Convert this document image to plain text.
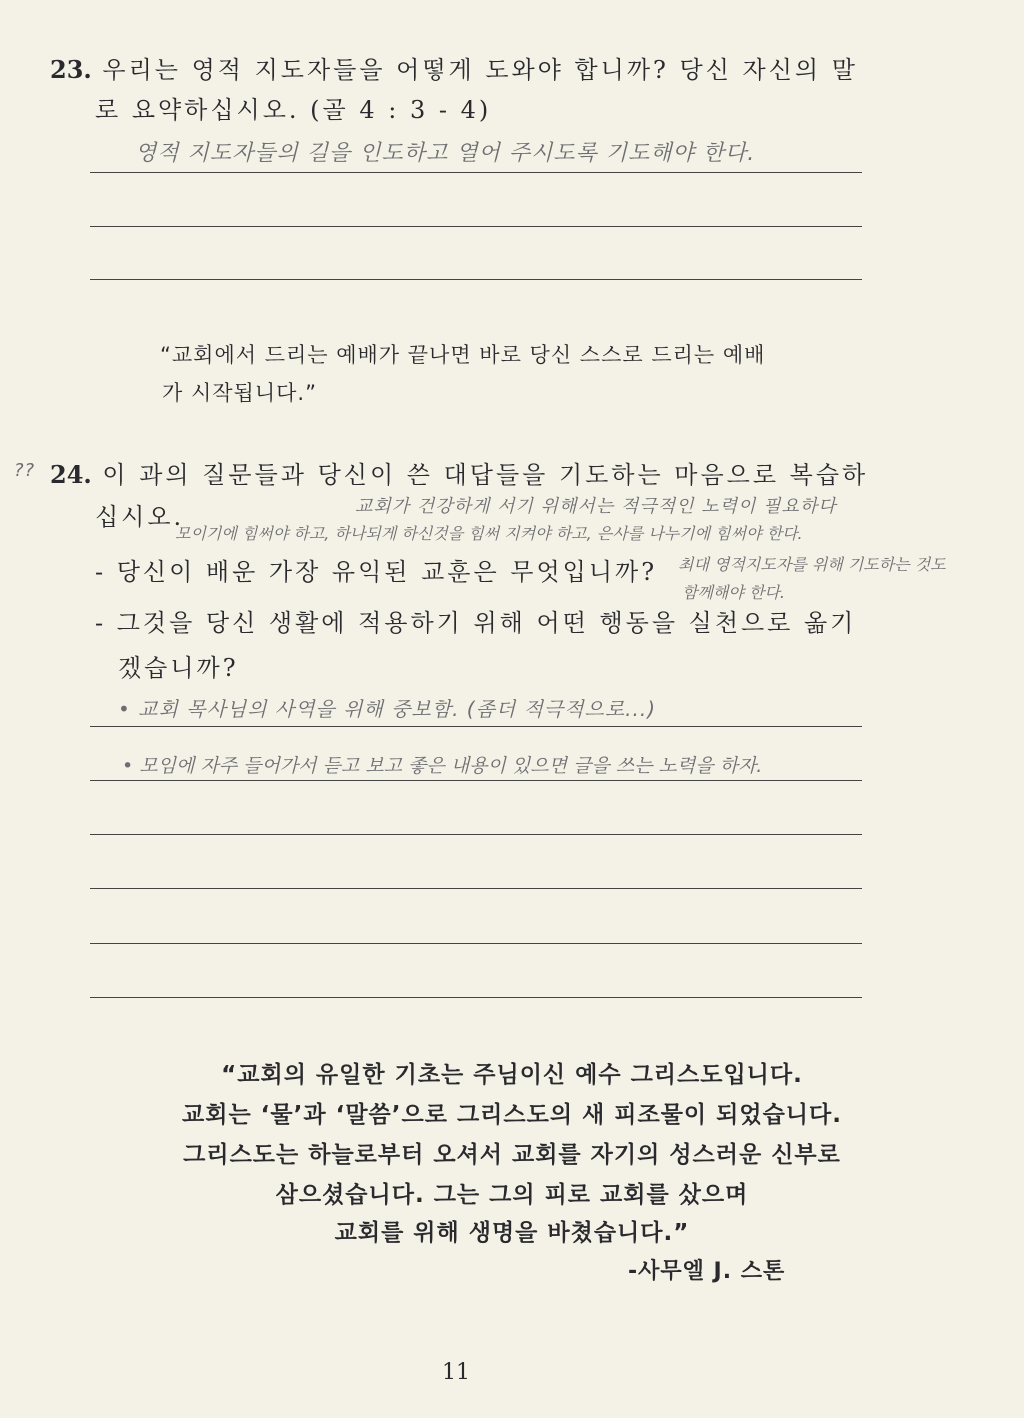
23. 우리는 영적 지도자들을 어떻게 도와야 합니까? 당신 자신의 말
로 요약하십시오. (골 4 : 3 - 4)
영적 지도자들의 길을 인도하고 열어 주시도록 기도해야 한다.
“교회에서 드리는 예배가 끝나면 바로 당신 스스로 드리는 예배
가 시작됩니다.”
?? 24. 이 과의 질문들과 당신이 쓴 대답들을 기도하는 마음으로 복습하
십시오.	교회가 건강하게 서기 위해서는 적극적인 노력이 필요하다
모이기에 힘써야 하고, 하나되게 하신것을 힘써 지켜야 하고, 은사를 나누기에 힘써야 한다.
- 당신이 배운 가장 유익된 교훈은 무엇입니까? 최대 영적지도자를 위해 기도하는 것도
함께해야 한다.
- 그것을 당신 생활에 적용하기 위해 어떤 행동을 실천으로 옮기
겠습니까?
• 교회 목사님의 사역을 위해 중보함. (좀더 적극적으로...)
• 모임에 자주 들어가서 듣고 보고 좋은 내용이 있으면 글을 쓰는 노력을 하자.
“교회의 유일한 기초는 주님이신 예수 그리스도입니다.
교회는 ‘물’과 ‘말씀’으로 그리스도의 새 피조물이 되었습니다.
그리스도는 하늘로부터 오셔서 교회를 자기의 성스러운 신부로
삼으셨습니다. 그는 그의 피로 교회를 샀으며
교회를 위해 생명을 바쳤습니다.”
-사무엘 J. 스톤
11
